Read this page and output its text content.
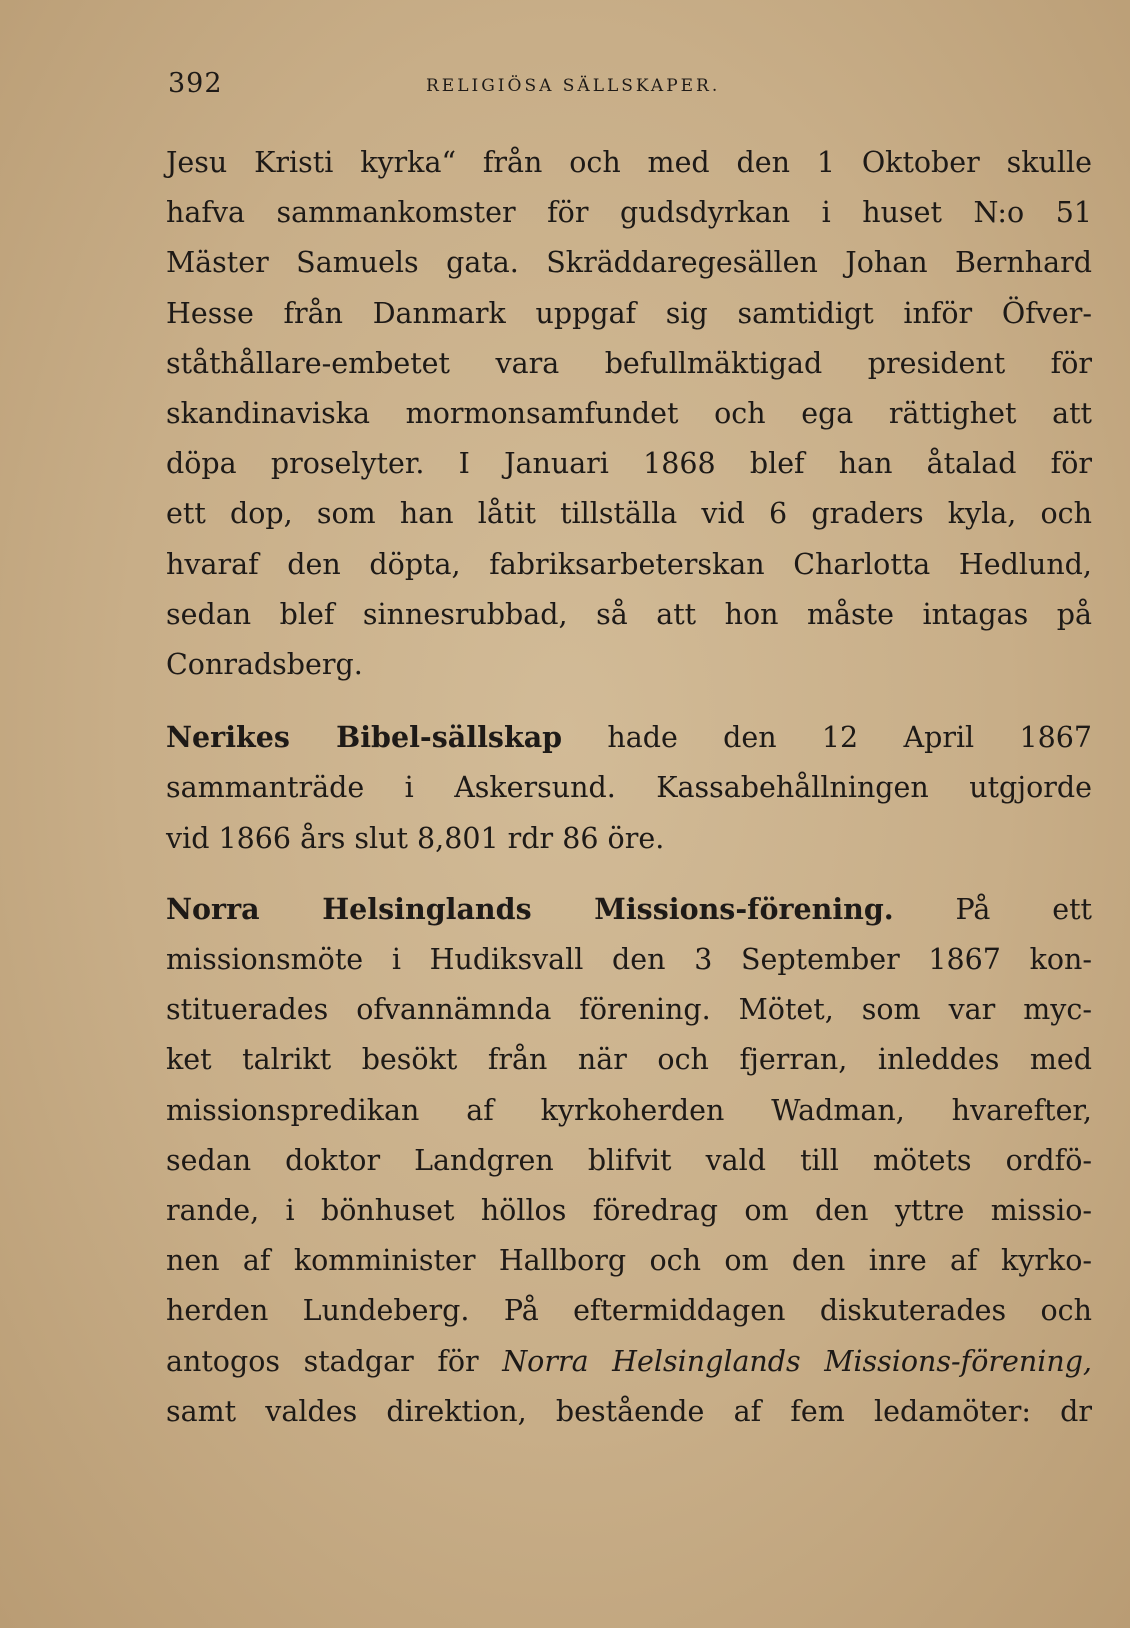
392	RELIGIÖSA SÄLLSKAPER.
Jesu Kristi kyrka“ från och med den 1 Oktober skulle
hafva sammankomster för gudsdyrkan i huset N:o 51
Mäster Samuels gata. Skräddaregesällen Johan Bernhard
Hesse från Danmark uppgaf sig samtidigt inför Öfver-
ståthållare-embetet vara befullmäktigad president för
skandinaviska mormonsamfundet och ega rättighet att
döpa proselyter. I Januari 1868 blef han åtalad för
ett dop, som han låtit tillställa vid 6 graders kyla, och
hvaraf den döpta, fabriksarbeterskan Charlotta Hedlund,
sedan blef sinnesrubbad, så att hon måste intagas på
Conradsberg.
Nerikes Bibel-sällskap hade den 12 April 1867
sammanträde i Askersund. Kassabehållningen utgjorde
vid 1866 års slut 8,801 rdr 86 öre.
Norra Helsinglands Missions-förening. På ett
missionsmöte i Hudiksvall den 3 September 1867 kon-
stituerades ofvannämnda förening. Mötet, som var myc-
ket talrikt besökt från när och fjerran, inleddes med
missionspredikan af kyrkoherden Wadman, hvarefter,
sedan doktor Landgren blifvit vald till mötets ordfö-
rande, i bönhuset höllos föredrag om den yttre missio-
nen af komminister Hallborg och om den inre af kyrko-
herden Lundeberg. På eftermiddagen diskuterades och
antogos stadgar för Norra Helsinglands Missions-förening,
samt valdes direktion, bestående af fem ledamöter: dr
